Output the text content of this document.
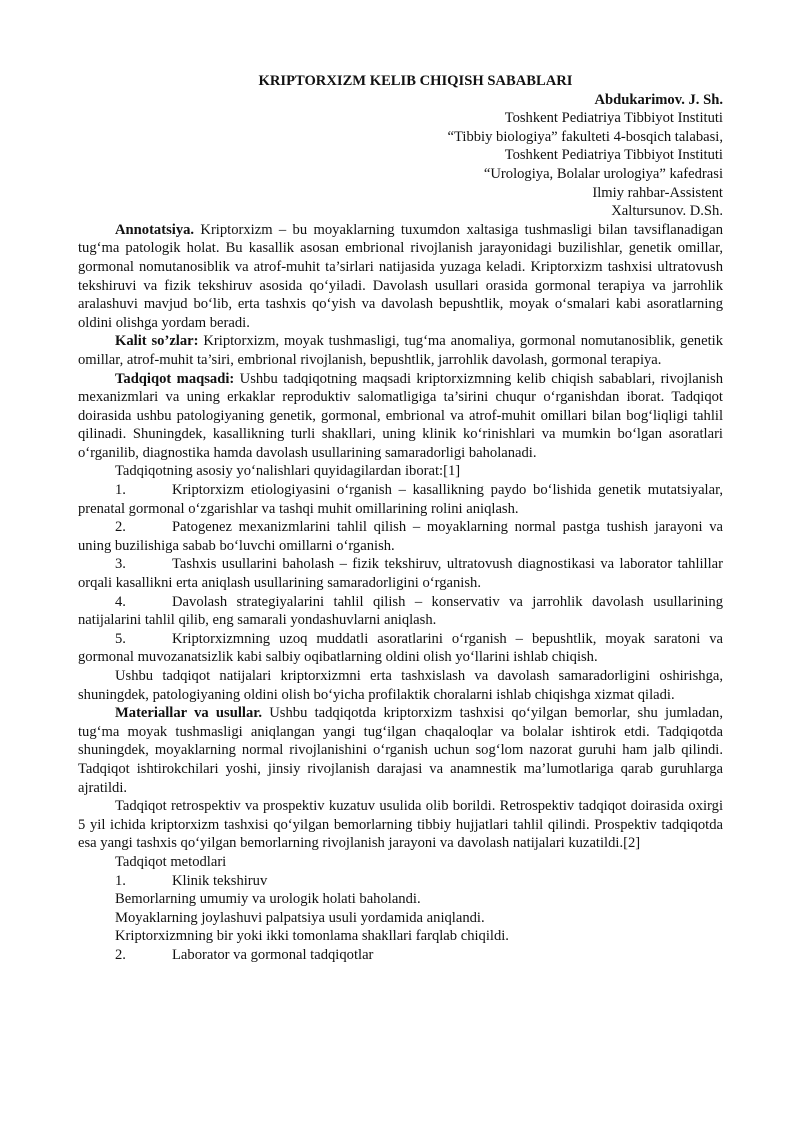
KRIPTORXIZM KELIB CHIQISH SABABLARI

Abdukarimov. J. Sh.

Toshkent Pediatriya Tibbiyot Instituti

“Tibbiy biologiya” fakulteti 4-bosqich talabasi,

Toshkent Pediatriya Tibbiyot Instituti

“Urologiya, Bolalar urologiya” kafedrasi

Ilmiy rahbar-Assistent

Xaltursunov. D.Sh.

Annotatsiya. Kriptorxizm – bu moyaklarning tuxumdon xaltasiga tushmasligi bilan tavsiflanadigan tug‘ma patologik holat. Bu kasallik asosan embrional rivojlanish jarayonidagi buzilishlar, genetik omillar, gormonal nomutanosiblik va atrof-muhit ta’sirlari natijasida yuzaga keladi. Kriptorxizm tashxisi ultratovush tekshiruvi va fizik tekshiruv asosida qo‘yiladi. Davolash usullari orasida gormonal terapiya va jarrohlik aralashuvi mavjud bo‘lib, erta tashxis qo‘yish va davolash bepushtlik, moyak o‘smalari kabi asoratlarning oldini olishga yordam beradi.

Kalit so’zlar: Kriptorxizm, moyak tushmasligi, tug‘ma anomaliya, gormonal nomutanosiblik, genetik omillar, atrof-muhit ta’siri, embrional rivojlanish, bepushtlik, jarrohlik davolash, gormonal terapiya.

Tadqiqot maqsadi: Ushbu tadqiqotning maqsadi kriptorxizmning kelib chiqish sabablari, rivojlanish mexanizmlari va uning erkaklar reproduktiv salomatligiga ta’sirini chuqur o‘rganishdan iborat. Tadqiqot doirasida ushbu patologiyaning genetik, gormonal, embrional va atrof-muhit omillari bilan bog‘liqligi tahlil qilinadi. Shuningdek, kasallikning turli shakllari, uning klinik ko‘rinishlari va mumkin bo‘lgan asoratlari o‘rganilib, diagnostika hamda davolash usullarining samaradorligi baholanadi.

Tadqiqotning asosiy yo‘nalishlari quyidagilardan iborat:[1]

1.	Kriptorxizm etiologiyasini o‘rganish – kasallikning paydo bo‘lishida genetik mutatsiyalar, prenatal gormonal o‘zgarishlar va tashqi muhit omillarining rolini aniqlash.

2.	Patogenez mexanizmlarini tahlil qilish – moyaklarning normal pastga tushish jarayoni va uning buzilishiga sabab bo‘luvchi omillarni o‘rganish.

3.	Tashxis usullarini baholash – fizik tekshiruv, ultratovush diagnostikasi va laborator tahlillar orqali kasallikni erta aniqlash usullarining samaradorligini o‘rganish.

4.	Davolash strategiyalarini tahlil qilish – konservativ va jarrohlik davolash usullarining natijalarini tahlil qilib, eng samarali yondashuvlarni aniqlash.

5.	Kriptorxizmning uzoq muddatli asoratlarini o‘rganish – bepushtlik, moyak saratoni va gormonal muvozanatsizlik kabi salbiy oqibatlarning oldini olish yo‘llarini ishlab chiqish.

Ushbu tadqiqot natijalari kriptorxizmni erta tashxislash va davolash samaradorligini oshirishga, shuningdek, patologiyaning oldini olish bo‘yicha profilaktik choralarni ishlab chiqishga xizmat qiladi.

Materiallar va usullar. Ushbu tadqiqotda kriptorxizm tashxisi qo‘yilgan bemorlar, shu jumladan, tug‘ma moyak tushmasligi aniqlangan yangi tug‘ilgan chaqaloqlar va bolalar ishtirok etdi. Tadqiqotda shuningdek, moyaklarning normal rivojlanishini o‘rganish uchun sog‘lom nazorat guruhi ham jalb qilindi. Tadqiqot ishtirokchilari yoshi, jinsiy rivojlanish darajasi va anamnestik ma’lumotlariga qarab guruhlarga ajratildi.

Tadqiqot retrospektiv va prospektiv kuzatuv usulida olib borildi. Retrospektiv tadqiqot doirasida oxirgi 5 yil ichida kriptorxizm tashxisi qo‘yilgan bemorlarning tibbiy hujjatlari tahlil qilindi. Prospektiv tadqiqotda esa yangi tashxis qo‘yilgan bemorlarning rivojlanish jarayoni va davolash natijalari kuzatildi.[2]

Tadqiqot metodlari

1.	Klinik tekshiruv

Bemorlarning umumiy va urologik holati baholandi.

Moyaklarning joylashuvi palpatsiya usuli yordamida aniqlandi.

Kriptorxizmning bir yoki ikki tomonlama shakllari farqlab chiqildi.

2.	Laborator va gormonal tadqiqotlar
